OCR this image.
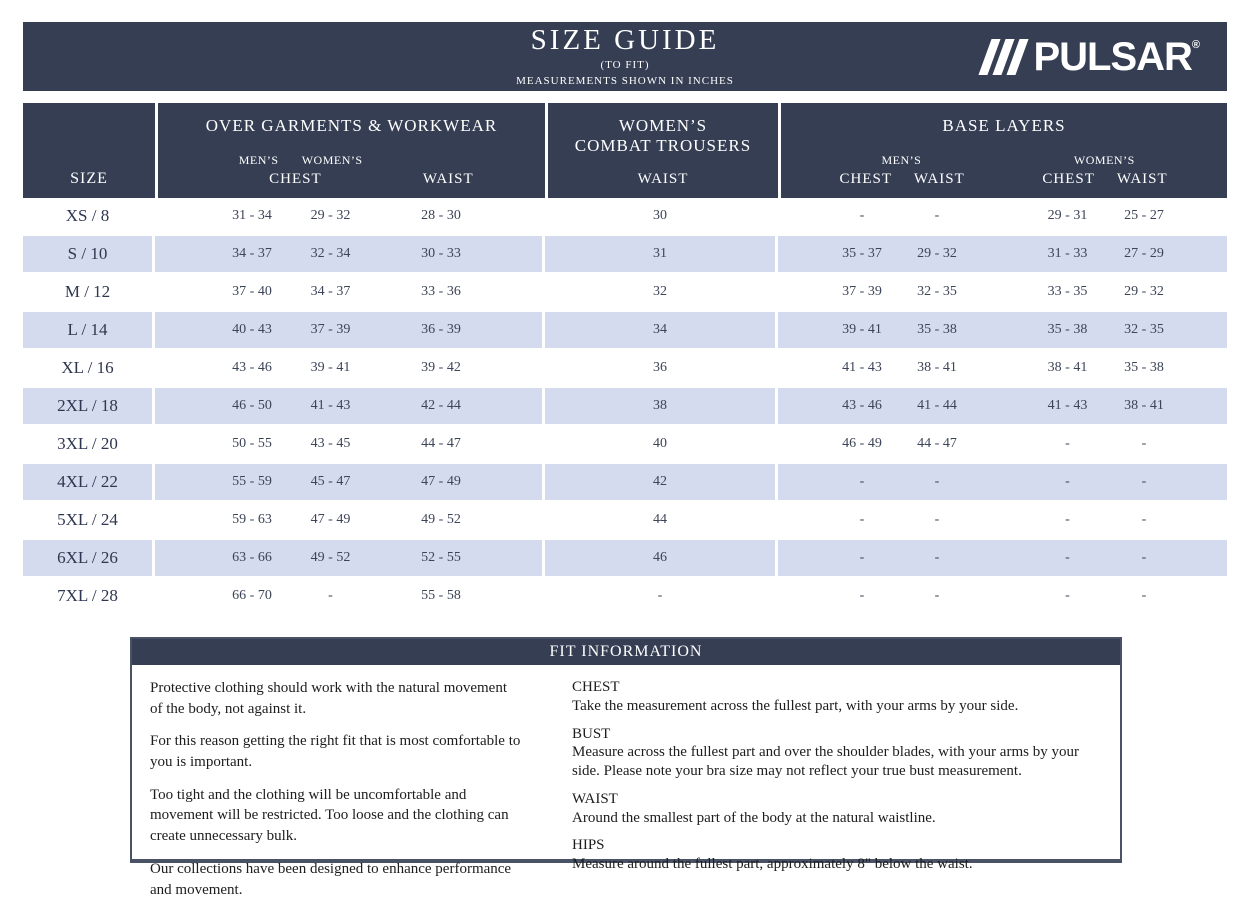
SIZE GUIDE
(TO FIT)
MEASUREMENTS SHOWN IN INCHES
PULSAR®
SIZE
OVER GARMENTS & WORKWEAR
MEN’S WOMEN’S
CHEST	WAIST
WOMEN’S
COMBAT TROUSERS
WAIST
BASE LAYERS
MEN’S	WOMEN’S
CHEST WAIST	CHEST WAIST
XS / 8	31 - 34	29 - 32	28 - 30	30	-	-	29 - 31	25 - 27
S / 10	34 - 37	32 - 34	30 - 33	31	35 - 37	29 - 32	31 - 33	27 - 29
M / 12	37 - 40	34 - 37	33 - 36	32	37 - 39	32 - 35	33 - 35	29 - 32
L / 14	40 - 43	37 - 39	36 - 39	34	39 - 41	35 - 38	35 - 38	32 - 35
XL / 16	43 - 46	39 - 41	39 - 42	36	41 - 43	38 - 41	38 - 41	35 - 38
2XL / 18	46 - 50	41 - 43	42 - 44	38	43 - 46	41 - 44	41 - 43	38 - 41
3XL / 20	50 - 55	43 - 45	44 - 47	40	46 - 49	44 - 47	-	-
4XL / 22	55 - 59	45 - 47	47 - 49	42	-	-	-	-
5XL / 24	59 - 63	47 - 49	49 - 52	44	-	-	-	-
6XL / 26	63 - 66	49 - 52	52 - 55	46	-	-	-	-
7XL / 28	66 - 70	-	55 - 58	-	-	-	-	-
FIT INFORMATION

Protective clothing should work with the natural movement of the body, not against it.

For this reason getting the right fit that is most comfortable to you is important.

Too tight and the clothing will be uncomfortable and movement will be restricted. Too loose and the clothing can create unnecessary bulk.

Our collections have been designed to enhance performance and movement.

CHEST
Take the measurement across the fullest part, with your arms by your side.
BUST
Measure across the fullest part and over the shoulder blades, with your arms by your side. Please note your bra size may not reflect your true bust measurement.
WAIST
Around the smallest part of the body at the natural waistline.
HIPS
Measure around the fullest part, approximately 8" below the waist.
